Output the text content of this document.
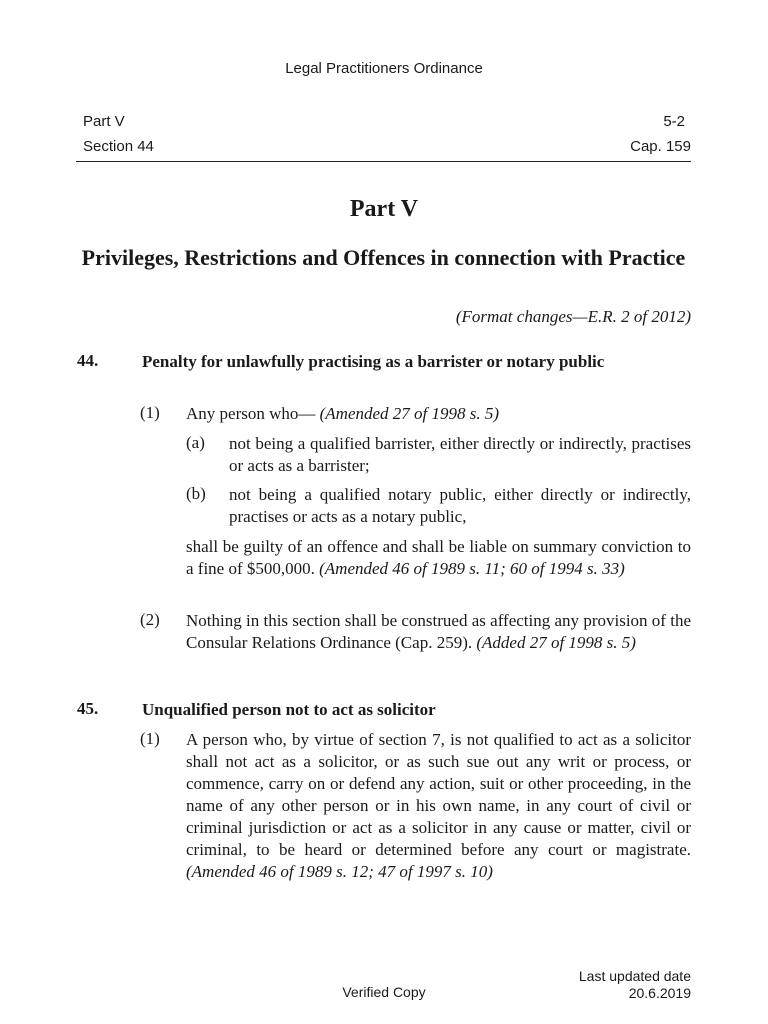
Legal Practitioners Ordinance
Part V	5-2
Section 44	Cap. 159
Part V
Privileges, Restrictions and Offences in connection with Practice
(Format changes—E.R. 2 of 2012)
44.	Penalty for unlawfully practising as a barrister or notary public
(1) Any person who— (Amended 27 of 1998 s. 5)
(a) not being a qualified barrister, either directly or indirectly, practises or acts as a barrister;
(b) not being a qualified notary public, either directly or indirectly, practises or acts as a notary public,
shall be guilty of an offence and shall be liable on summary conviction to a fine of $500,000. (Amended 46 of 1989 s. 11; 60 of 1994 s. 33)
(2) Nothing in this section shall be construed as affecting any provision of the Consular Relations Ordinance (Cap. 259). (Added 27 of 1998 s. 5)
45.	Unqualified person not to act as solicitor
(1) A person who, by virtue of section 7, is not qualified to act as a solicitor shall not act as a solicitor, or as such sue out any writ or process, or commence, carry on or defend any action, suit or other proceeding, in the name of any other person or in his own name, in any court of civil or criminal jurisdiction or act as a solicitor in any cause or matter, civil or criminal, to be heard or determined before any court or magistrate. (Amended 46 of 1989 s. 12; 47 of 1997 s. 10)
Verified Copy
Last updated date
20.6.2019
